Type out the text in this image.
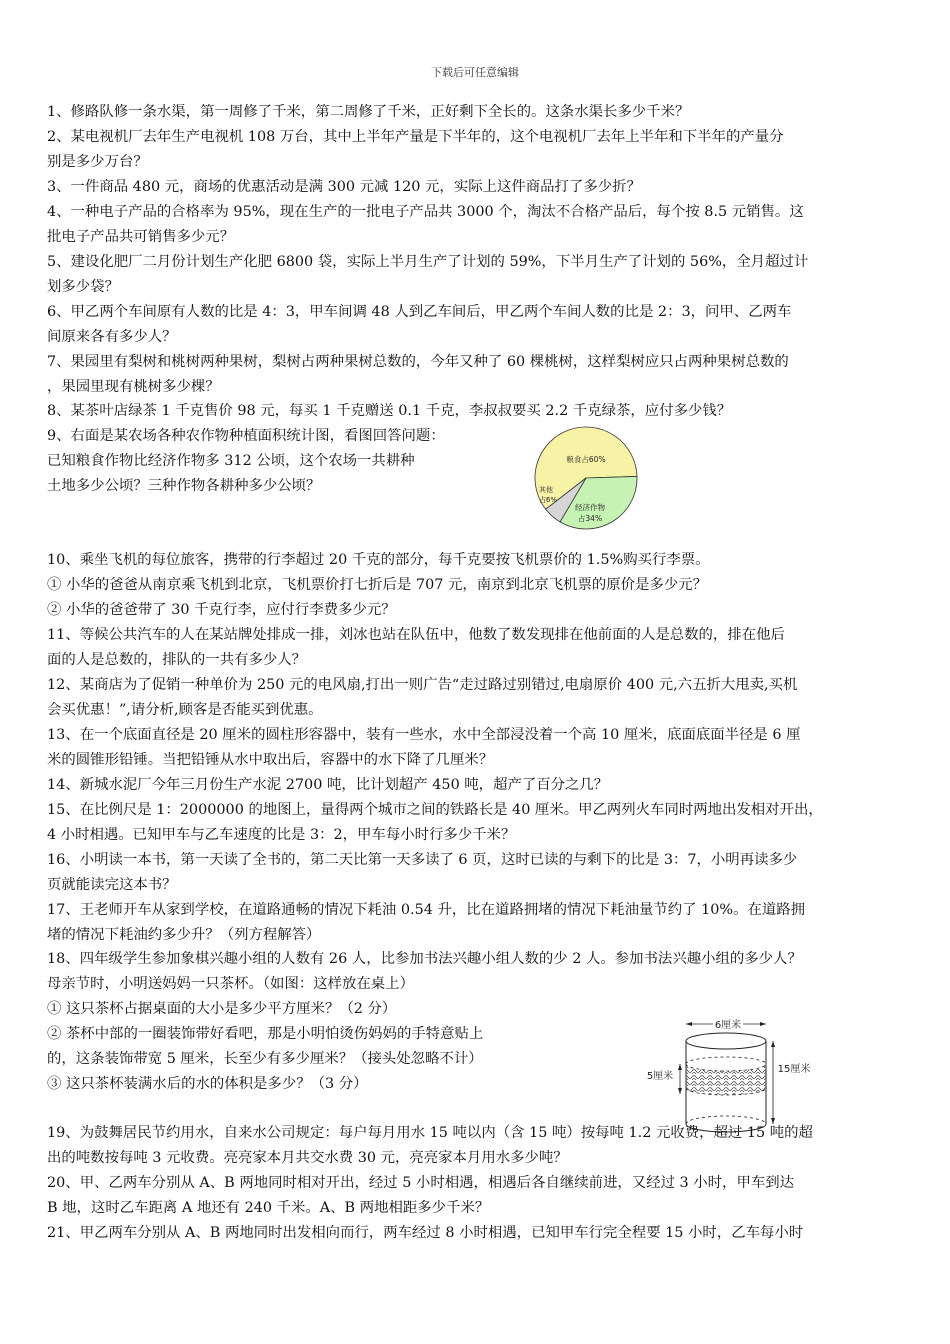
下载后可任意编辑
1、修路队修一条水渠，第一周修了千米，第二周修了千米，正好剩下全长的。这条水渠长多少千米？
2、某电视机厂去年生产电视机 108 万台，其中上半年产量是下半年的，这个电视机厂去年上半年和下半年的产量分
别是多少万台？
3、一件商品 480 元，商场的优惠活动是满 300 元减 120 元，实际上这件商品打了多少折？
4、一种电子产品的合格率为 95%，现在生产的一批电子产品共 3000 个，淘汰不合格产品后，每个按 8.5 元销售。这
批电子产品共可销售多少元？
5、建设化肥厂二月份计划生产化肥 6800 袋，实际上半月生产了计划的 59%，下半月生产了计划的 56%，全月超过计
划多少袋？
6、甲乙两个车间原有人数的比是 4：3，甲车间调 48 人到乙车间后，甲乙两个车间人数的比是 2：3，问甲、乙两车
间原来各有多少人？
7、果园里有梨树和桃树两种果树，梨树占两种果树总数的，今年又种了 60 棵桃树，这样梨树应只占两种果树总数的
，果园里现有桃树多少棵？
8、某茶叶店绿茶 1 千克售价 98 元，每买 1 千克赠送 0.1 千克，李叔叔要买 2.2 千克绿茶，应付多少钱？
9、右面是某农场各种农作物种植面积统计图，看图回答问题：
已知粮食作物比经济作物多 312 公顷，这个农场一共耕种
土地多少公顷？三种作物各耕种多少公顷？
粮食占60%
经济作物
占34%
其他
占6%
10、乘坐飞机的每位旅客，携带的行李超过 20 千克的部分，每千克要按飞机票价的 1.5%购买行李票。
① 小华的爸爸从南京乘飞机到北京，飞机票价打七折后是 707 元，南京到北京飞机票的原价是多少元？
② 小华的爸爸带了 30 千克行李，应付行李费多少元？
11、等候公共汽车的人在某站牌处排成一排，刘冰也站在队伍中，他数了数发现排在他前面的人是总数的，排在他后
面的人是总数的，排队的一共有多少人？
12、某商店为了促销一种单价为 250 元的电风扇,打出一则广告“走过路过别错过,电扇原价 400 元,六五折大甩卖,买机
会买优惠！”,请分析,顾客是否能买到优惠。
13、在一个底面直径是 20 厘米的圆柱形容器中，装有一些水，水中全部浸没着一个高 10 厘米，底面底面半径是 6 厘
米的圆锥形铅锤。当把铅锤从水中取出后，容器中的水下降了几厘米？
14、新城水泥厂今年三月份生产水泥 2700 吨，比计划超产 450 吨，超产了百分之几？
15、在比例尺是 1：2000000 的地图上，量得两个城市之间的铁路长是 40 厘米。甲乙两列火车同时两地出发相对开出，
4 小时相遇。已知甲车与乙车速度的比是 3：2，甲车每小时行多少千米？
16、小明读一本书，第一天读了全书的，第二天比第一天多读了 6 页，这时已读的与剩下的比是 3：7，小明再读多少
页就能读完这本书？
17、王老师开车从家到学校，在道路通畅的情况下耗油 0.54 升，比在道路拥堵的情况下耗油量节约了 10%。在道路拥
堵的情况下耗油约多少升？（列方程解答）
18、四年级学生参加象棋兴趣小组的人数有 26 人，比参加书法兴趣小组人数的少 2 人。参加书法兴趣小组的多少人？
母亲节时，小明送妈妈一只茶杯。（如图：这样放在桌上）
① 这只茶杯占据桌面的大小是多少平方厘米？（2 分）
② 茶杯中部的一圈装饰带好看吧，那是小明怕烫伤妈妈的手特意贴上
的，这条装饰带宽 5 厘米，长至少有多少厘米？（接头处忽略不计）
③ 这只茶杯装满水后的水的体积是多少？（3 分）
6厘米
5厘米
15厘米
19、为鼓舞居民节约用水，自来水公司规定：每户每月用水 15 吨以内（含 15 吨）按每吨 1.2 元收费，超过 15 吨的超
出的吨数按每吨 3 元收费。亮亮家本月共交水费 30 元，亮亮家本月用水多少吨？
20、甲、乙两车分别从 A、B 两地同时相对开出，经过 5 小时相遇，相遇后各自继续前进，又经过 3 小时，甲车到达
B 地，这时乙车距离 A 地还有 240 千米。A、B 两地相距多少千米？
21、甲乙两车分别从 A、B 两地同时出发相向而行，两车经过 8 小时相遇，已知甲车行完全程要 15 小时，乙车每小时
